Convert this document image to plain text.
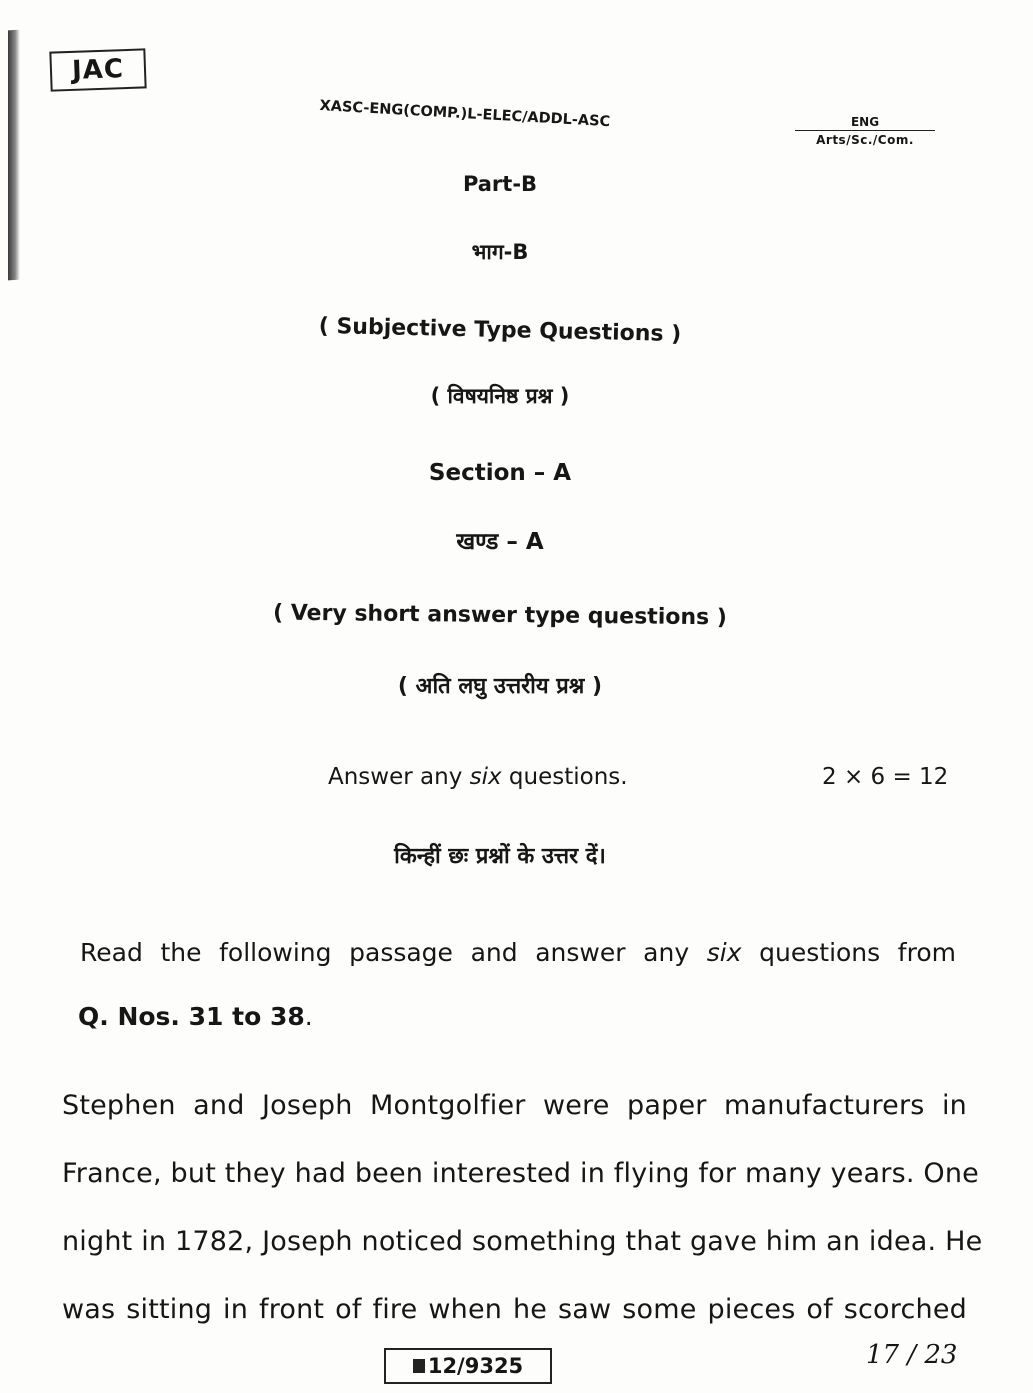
JAC
XASC-ENG(COMP.)L-ELEC/ADDL-ASC	ENG
Arts/Sc./Com.
Part-B
भाग-B
( Subjective Type Questions )
( विषयनिष्ठ प्रश्न )
Section – A
खण्ड – A
( Very short answer type questions )
( अति लघु उत्तरीय प्रश्न )
Answer any six questions.	2 × 6 = 12
किन्हीं छः प्रश्नों के उत्तर दें।
Read the following passage and answer any six questions from
Q. Nos. 31 to 38.
Stephen and Joseph Montgolfier were paper manufacturers in
France, but they had been interested in flying for many years. One
night in 1782, Joseph noticed something that gave him an idea. He
was sitting in front of fire when he saw some pieces of scorched
12/9325	17 / 23
